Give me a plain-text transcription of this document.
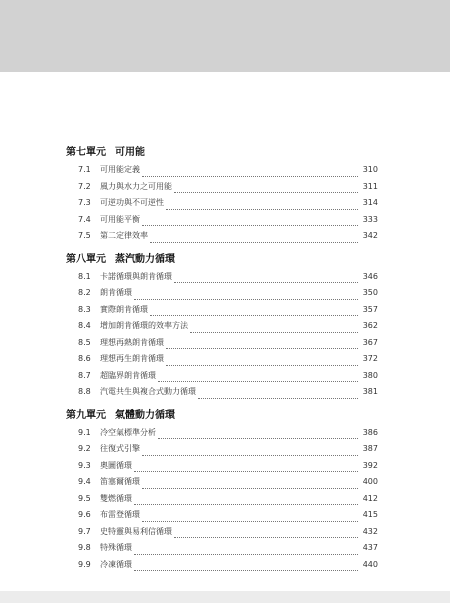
第七單元 可用能
7.1	可用能定義	310
7.2	風力與水力之可用能	311
7.3	可逆功與不可逆性	314
7.4	可用能平衡	333
7.5	第二定律效率	342
第八單元 蒸汽動力循環
8.1	卡諾循環與朗肯循環	346
8.2	朗肯循環	350
8.3	實際朗肯循環	357
8.4	增加朗肯循環的效率方法	362
8.5	理想再熱朗肯循環	367
8.6	理想再生朗肯循環	372
8.7	超臨界朗肯循環	380
8.8	汽電共生與複合式動力循環	381
第九單元 氣體動力循環
9.1	冷空氣標準分析	386
9.2	往復式引擎	387
9.3	奧圖循環	392
9.4	笛塞爾循環	400
9.5	雙燃循環	412
9.6	布雷登循環	415
9.7	史特靈與易利信循環	432
9.8	特殊循環	437
9.9	冷凍循環	440
